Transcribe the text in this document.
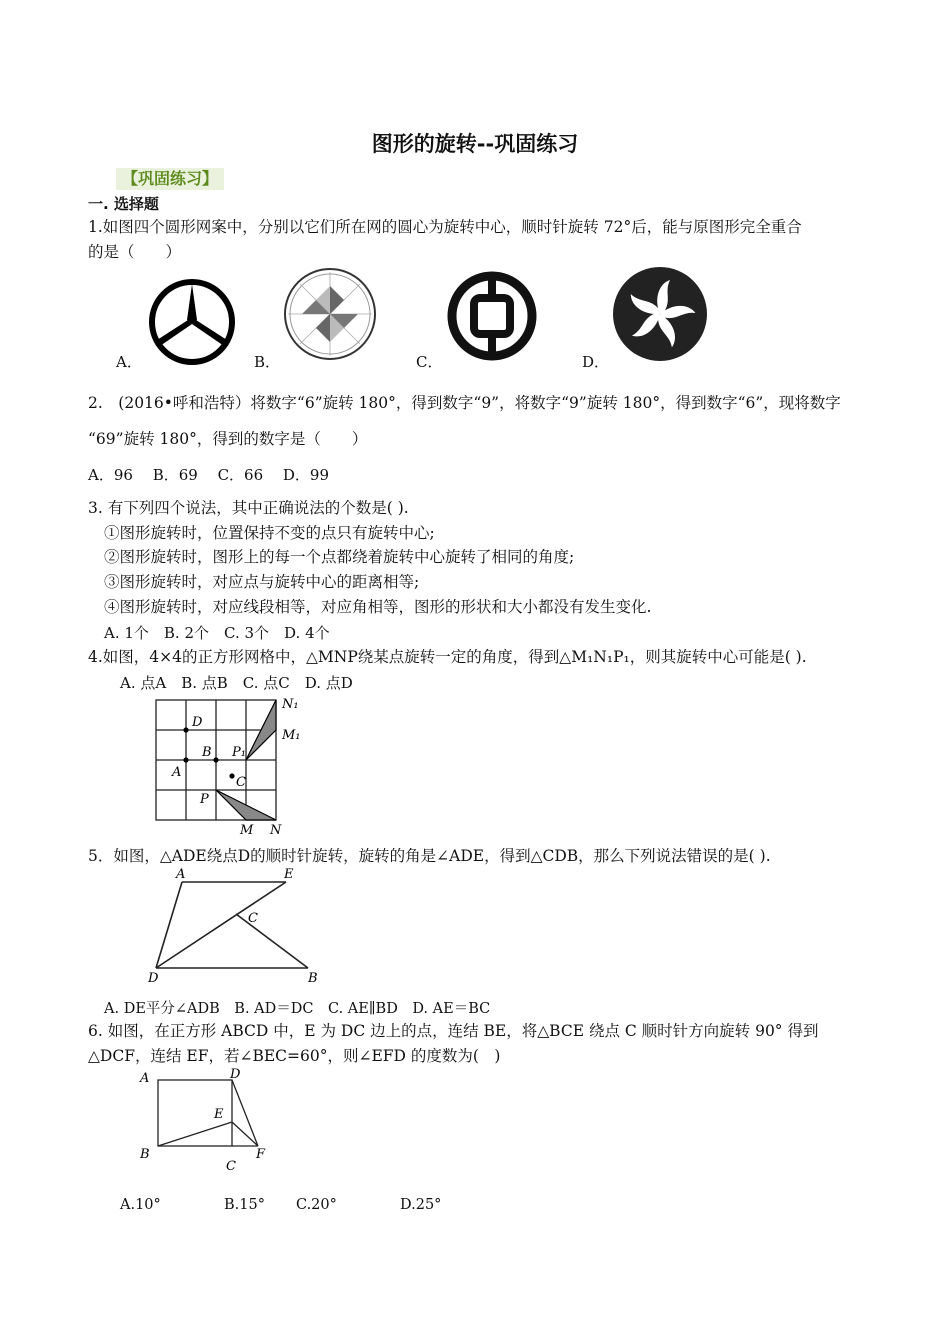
图形的旋转--巩固练习
【巩固练习】
一. 选择题
1.如图四个圆形网案中，分别以它们所在网的圆心为旋转中心，顺时针旋转 72°后，能与原图形完全重合
的是（　　）
A．	B．	C．	D．
2.　(2016•呼和浩特）将数字“6”旋转 180°，得到数字“9”，将数字“9”旋转 180°，得到数字“6”，现将数字
“69”旋转 180°，得到的数字是（　　）
A．96　 B．69　 C．66　 D．99
3. 有下列四个说法，其中正确说法的个数是( ).
①图形旋转时，位置保持不变的点只有旋转中心;
②图形旋转时，图形上的每一个点都绕着旋转中心旋转了相同的角度;
③图形旋转时，对应点与旋转中心的距离相等;
④图形旋转时，对应线段相等，对应角相等，图形的形状和大小都没有发生变化.
A. 1个　B. 2个　C. 3个　D. 4个
4.如图，4×4的正方形网格中，△MNP绕某点旋转一定的角度，得到△M₁N₁P₁，则其旋转中心可能是( ).
A. 点A　B. 点B　C. 点C　D. 点D
D
B
A
C
P₁
P
N₁
M₁
M N
5．如图，△ADE绕点D的顺时针旋转，旋转的角是∠ADE，得到△CDB，那么下列说法错误的是( ).
A	E
C
D	B
A. DE平分∠ADB　B. AD＝DC　C. AE∥BD　D. AE＝BC
6. 如图，在正方形 ABCD 中，E 为 DC 边上的点，连结 BE，将△BCE 绕点 C 顺时针方向旋转 90° 得到
△DCF，连结 EF，若∠BEC=60°，则∠EFD 的度数为(　)
A	D
E
B
C
F
A.10°	B.15° C.20°	D.25°
